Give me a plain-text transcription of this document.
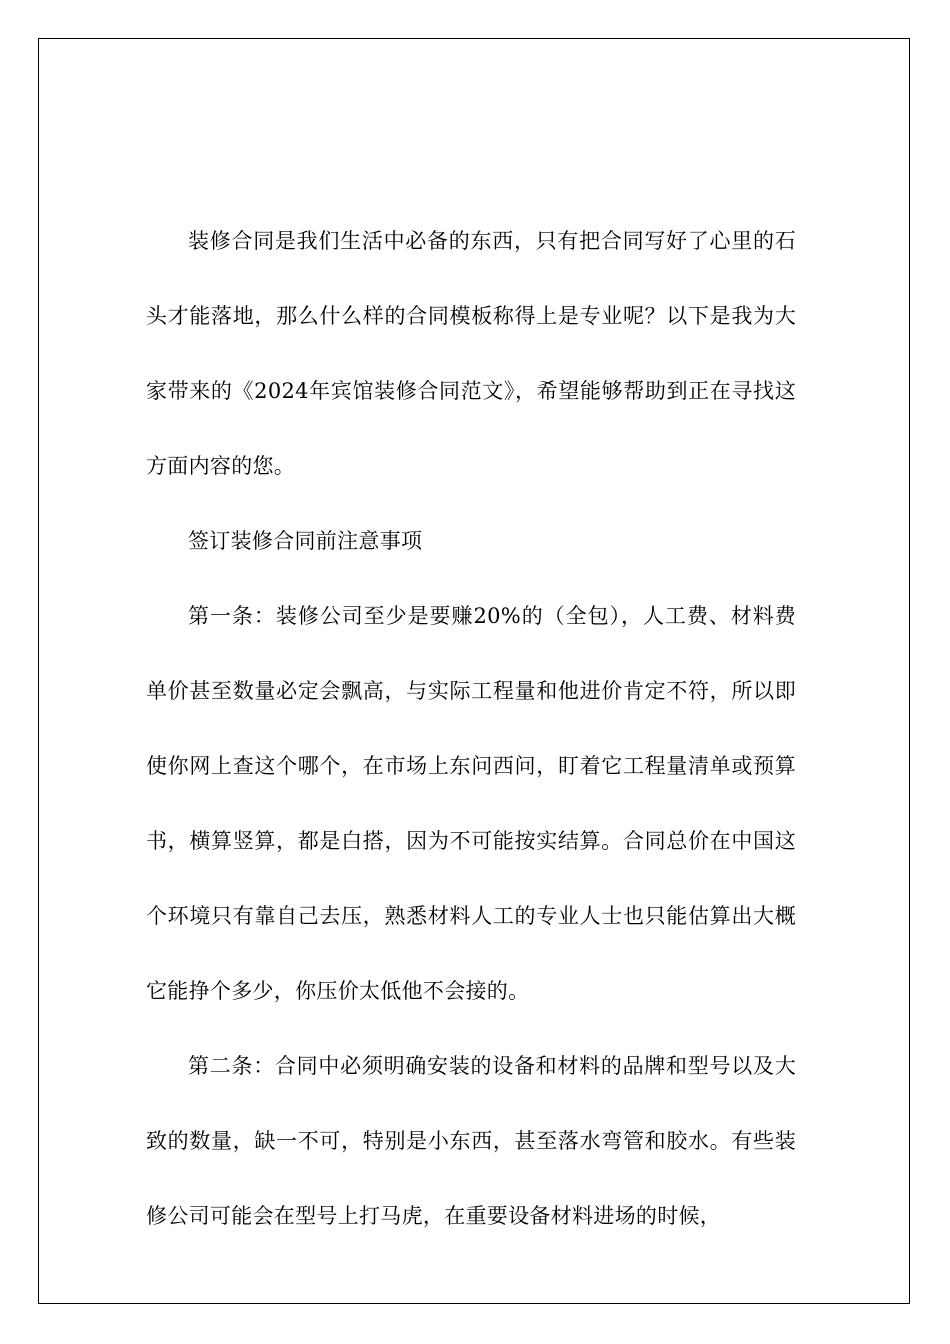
装修合同是我们生活中必备的东西，只有把合同写好了心里的石头才能落地，那么什么样的合同模板称得上是专业呢？以下是我为大家带来的《2024年宾馆装修合同范文》，希望能够帮助到正在寻找这方面内容的您。

签订装修合同前注意事项

第一条：装修公司至少是要赚20%的（全包），人工费、材料费单价甚至数量必定会飘高，与实际工程量和他进价肯定不符，所以即使你网上查这个哪个，在市场上东问西问，盯着它工程量清单或预算书，横算竖算，都是白搭，因为不可能按实结算。合同总价在中国这个环境只有靠自己去压，熟悉材料人工的专业人士也只能估算出大概它能挣个多少，你压价太低他不会接的。

第二条：合同中必须明确安装的设备和材料的品牌和型号以及大致的数量，缺一不可，特别是小东西，甚至落水弯管和胶水。有些装修公司可能会在型号上打马虎，在重要设备材料进场的时候，
